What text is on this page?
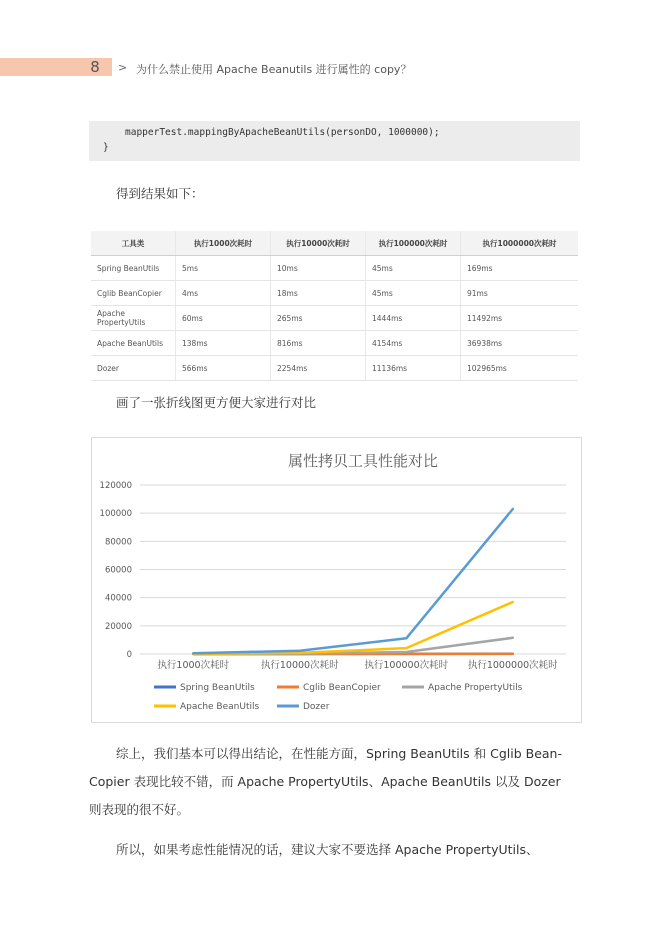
8	> 为什么禁止使用 Apache Beanutils 进行属性的 copy？
mapperTest.mappingByApacheBeanUtils(personDO, 1000000);
}
得到结果如下：
工具类	执行1000次耗时	执行10000次耗时	执行100000次耗时	执行1000000次耗时
Spring BeanUtils	5ms	10ms	45ms	169ms
Cglib BeanCopier	4ms	18ms	45ms	91ms
Apache PropertyUtils	60ms	265ms	1444ms	11492ms
Apache BeanUtils	138ms	816ms	4154ms	36938ms
Dozer	566ms	2254ms	11136ms	102965ms
画了一张折线图更方便大家进行对比
属性拷贝工具性能对比
0
20000
40000
60000
80000
100000
120000
执行1000次耗时	执行10000次耗时	执行100000次耗时 执行1000000次耗时
Spring BeanUtils	Cglib BeanCopier	Apache PropertyUtils
Apache BeanUtils	Dozer
综上，我们基本可以得出结论，在性能方面，Spring BeanUtils 和 Cglib Bean-
Copier 表现比较不错，而 Apache PropertyUtils、Apache BeanUtils 以及 Dozer
则表现的很不好。
所以，如果考虑性能情况的话，建议大家不要选择 Apache PropertyUtils、
